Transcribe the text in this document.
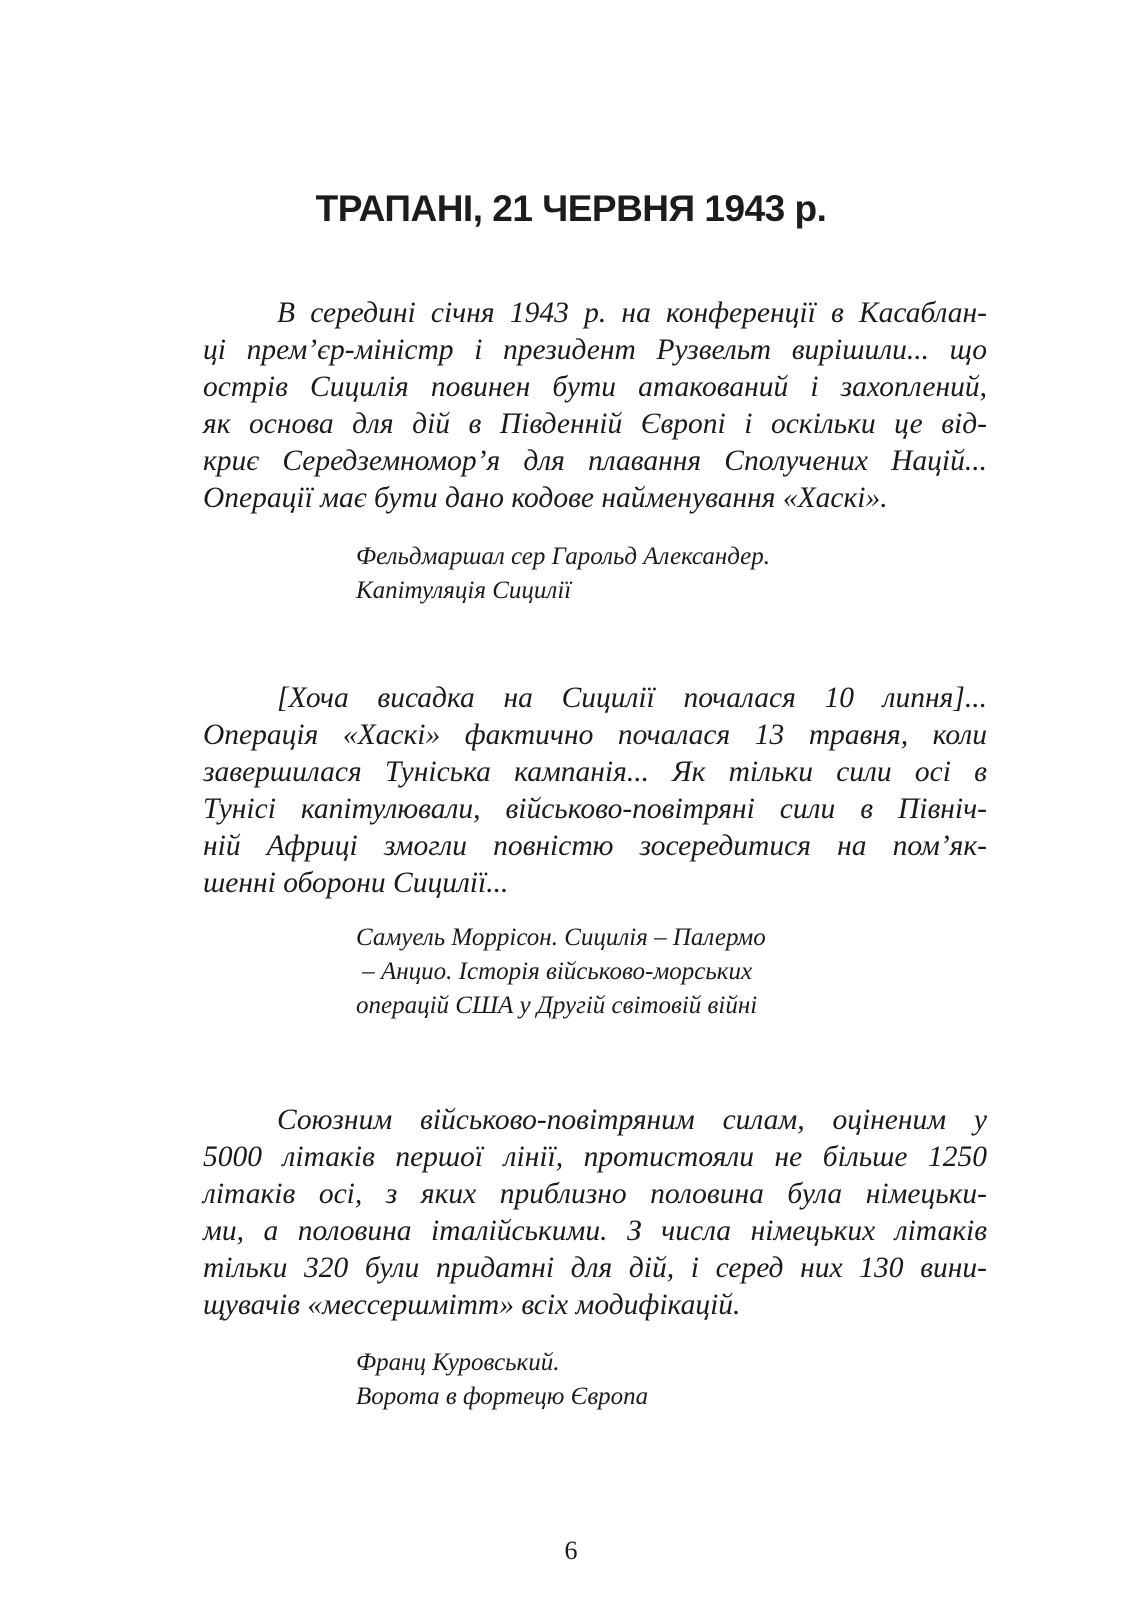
ТРАПАНІ, 21 ЧЕРВНЯ 1943 р.
В середині січня 1943 р. на конференції в Касаблан-
ці прем’єр-міністр і президент Рузвельт вирішили... що
острів Сицилія повинен бути атакований і захоплений,
як основа для дій в Південній Європі і оскільки це від-
криє Середземномор’я для плавання Сполучених Націй...
Операції має бути дано кодове найменування «Хаскі».
Фельдмаршал сер Гарольд Александер.
Капітуляція Сицилії
[Хоча висадка на Сицилії почалася 10 липня]...
Операція «Хаскі» фактично почалася 13 травня, коли
завершилася Туніська кампанія... Як тільки сили осі в
Тунісі капітулювали, військово-повітряні сили в Північ-
ній Африці змогли повністю зосередитися на пом’як-
шенні оборони Сицилії...
Самуель Моррісон. Сицилія – Палермо
– Анцио. Історія військово-морських
операцій США у Другій світовій війні
Союзним військово-повітряним силам, оціненим у
5000 літаків першої лінії, протистояли не більше 1250
літаків осі, з яких приблизно половина була німецьки-
ми, а половина італійськими. З числа німецьких літаків
тільки 320 були придатні для дій, і серед них 130 вини-
щувачів «мессершмітт» всіх модифікацій.
Франц Куровський.
Ворота в фортецю Європа
6
